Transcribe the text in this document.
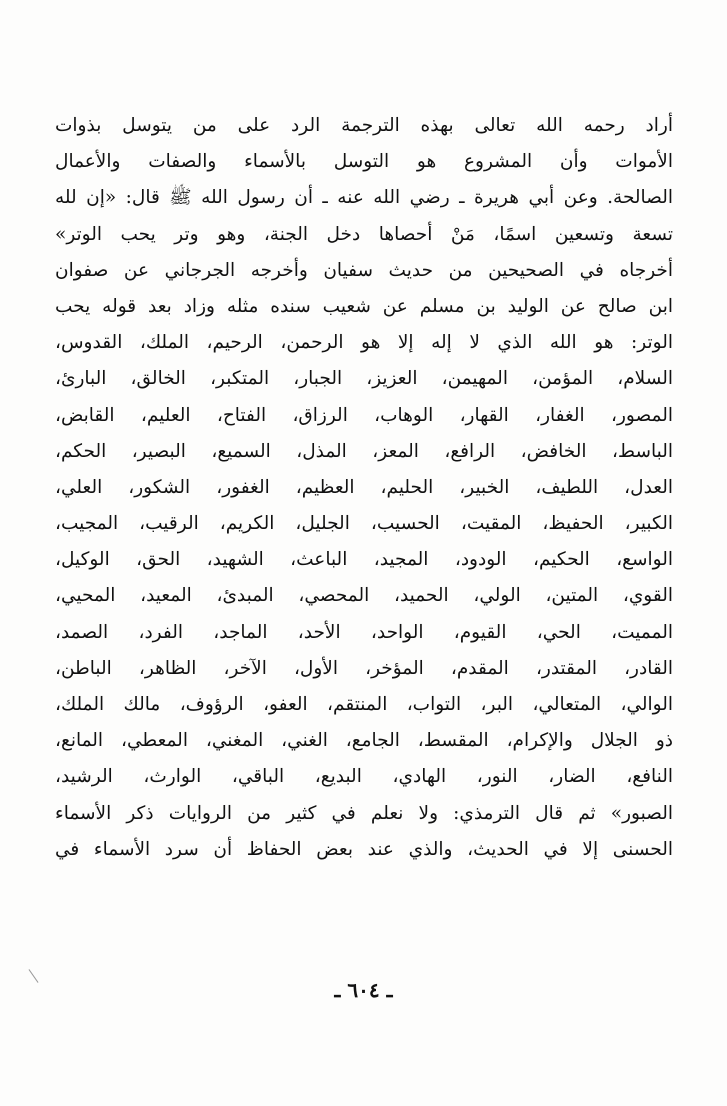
أراد رحمه الله تعالى بهذه الترجمة الرد على من يتوسل بذوات
الأموات وأن المشروع هو التوسل بالأسماء والصفات والأعمال
الصالحة. وعن أبي هريرة ـ رضي الله عنه ـ أن رسول الله ﷺ قال: «إن لله
تسعة وتسعين اسمًا، مَنْ أحصاها دخل الجنة، وهو وتر يحب الوتر»
أخرجاه في الصحيحين من حديث سفيان وأخرجه الجرجاني عن صفوان
ابن صالح عن الوليد بن مسلم عن شعيب سنده مثله وزاد بعد قوله يحب
الوتر: هو الله الذي لا إله إلا هو الرحمن، الرحيم، الملك، القدوس،
السلام، المؤمن، المهيمن، العزيز، الجبار، المتكبر، الخالق، البارئ،
المصور، الغفار، القهار، الوهاب، الرزاق، الفتاح، العليم، القابض،
الباسط، الخافض، الرافع، المعز، المذل، السميع، البصير، الحكم،
العدل، اللطيف، الخبير، الحليم، العظيم، الغفور، الشكور، العلي،
الكبير، الحفيظ، المقيت، الحسيب، الجليل، الكريم، الرقيب، المجيب،
الواسع، الحكيم، الودود، المجيد، الباعث، الشهيد، الحق، الوكيل،
القوي، المتين، الولي، الحميد، المحصي، المبدئ، المعيد، المحيي،
المميت، الحي، القيوم، الواحد، الأحد، الماجد، الفرد، الصمد،
القادر، المقتدر، المقدم، المؤخر، الأول، الآخر، الظاهر، الباطن،
الوالي، المتعالي، البر، التواب، المنتقم، العفو، الرؤوف، مالك الملك،
ذو الجلال والإكرام، المقسط، الجامع، الغني، المغني، المعطي، المانع،
النافع، الضار، النور، الهادي، البديع، الباقي، الوارث، الرشيد،
الصبور» ثم قال الترمذي: ولا نعلم في كثير من الروايات ذكر الأسماء
الحسنى إلا في الحديث، والذي عند بعض الحفاظ أن سرد الأسماء في
ـ ٦٠٤ ـ
